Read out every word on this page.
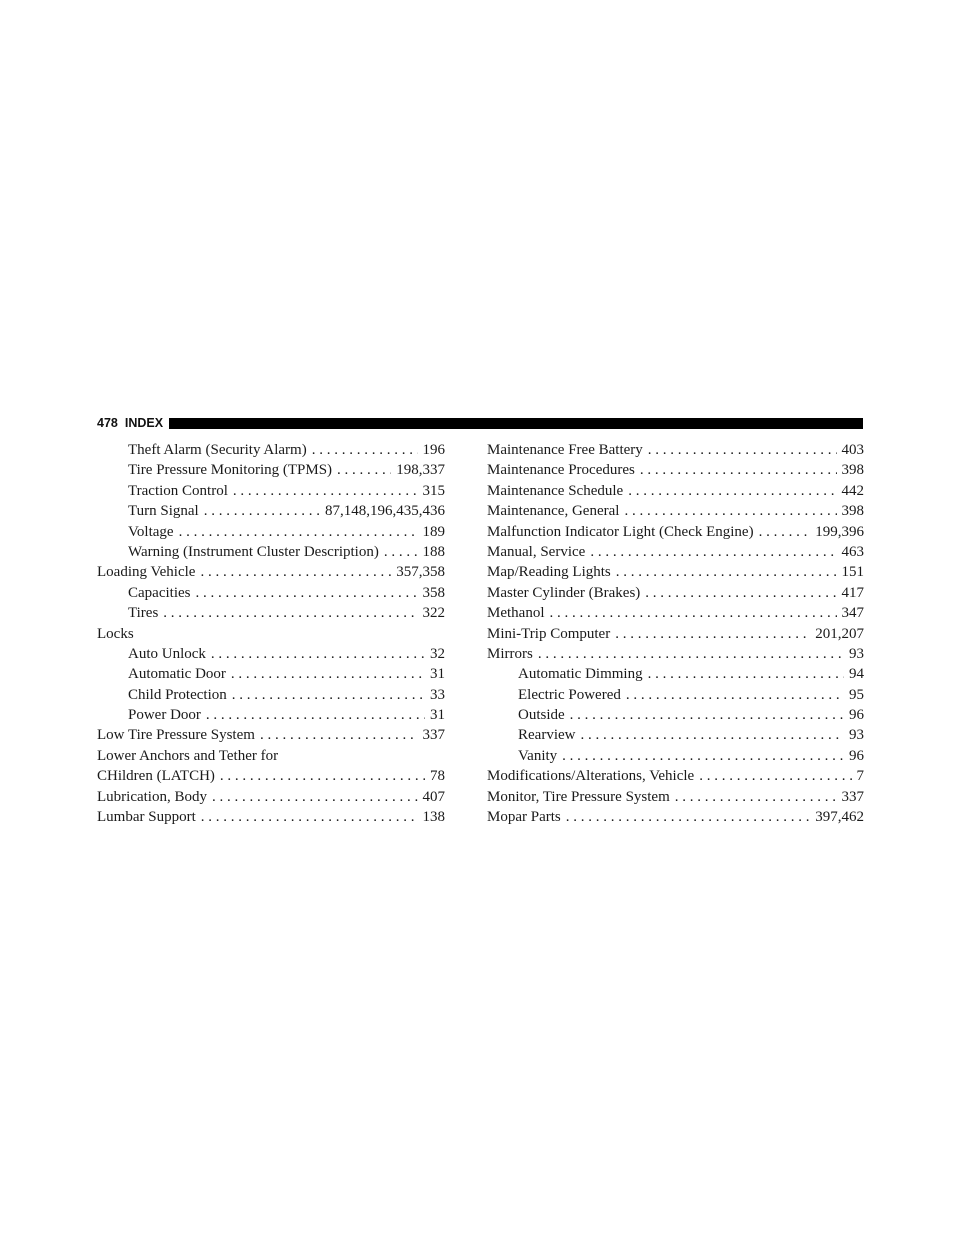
478 INDEX
Theft Alarm (Security Alarm) . . .	196
Tire Pressure Monitoring (TPMS) . . .	198,337
Traction Control . . .	315
Turn Signal . . .	87,148,196,435,436
Voltage . . .	189
Warning (Instrument Cluster Description) . . .	188
Loading Vehicle . . .	357,358
Capacities . . .	358
Tires . . .	322
Locks
Auto Unlock . . .	32
Automatic Door . . .	31
Child Protection . . .	33
Power Door . . .	31
Low Tire Pressure System . . .	337
Lower Anchors and Tether for
CHildren (LATCH) . . .	78
Lubrication, Body . . .	407
Lumbar Support . . .	138
Maintenance Free Battery . . .	403
Maintenance Procedures . . .	398
Maintenance Schedule . . .	442
Maintenance, General . . .	398
Malfunction Indicator Light (Check Engine) . . .	199,396
Manual, Service . . .	463
Map/Reading Lights . . .	151
Master Cylinder (Brakes) . . .	417
Methanol . . .	347
Mini-Trip Computer . . .	201,207
Mirrors . . .	93
Automatic Dimming . . .	94
Electric Powered . . .	95
Outside . . .	96
Rearview . . .	93
Vanity . . .	96
Modifications/Alterations, Vehicle . . .	7
Monitor, Tire Pressure System . . .	337
Mopar Parts . . .	397,462
